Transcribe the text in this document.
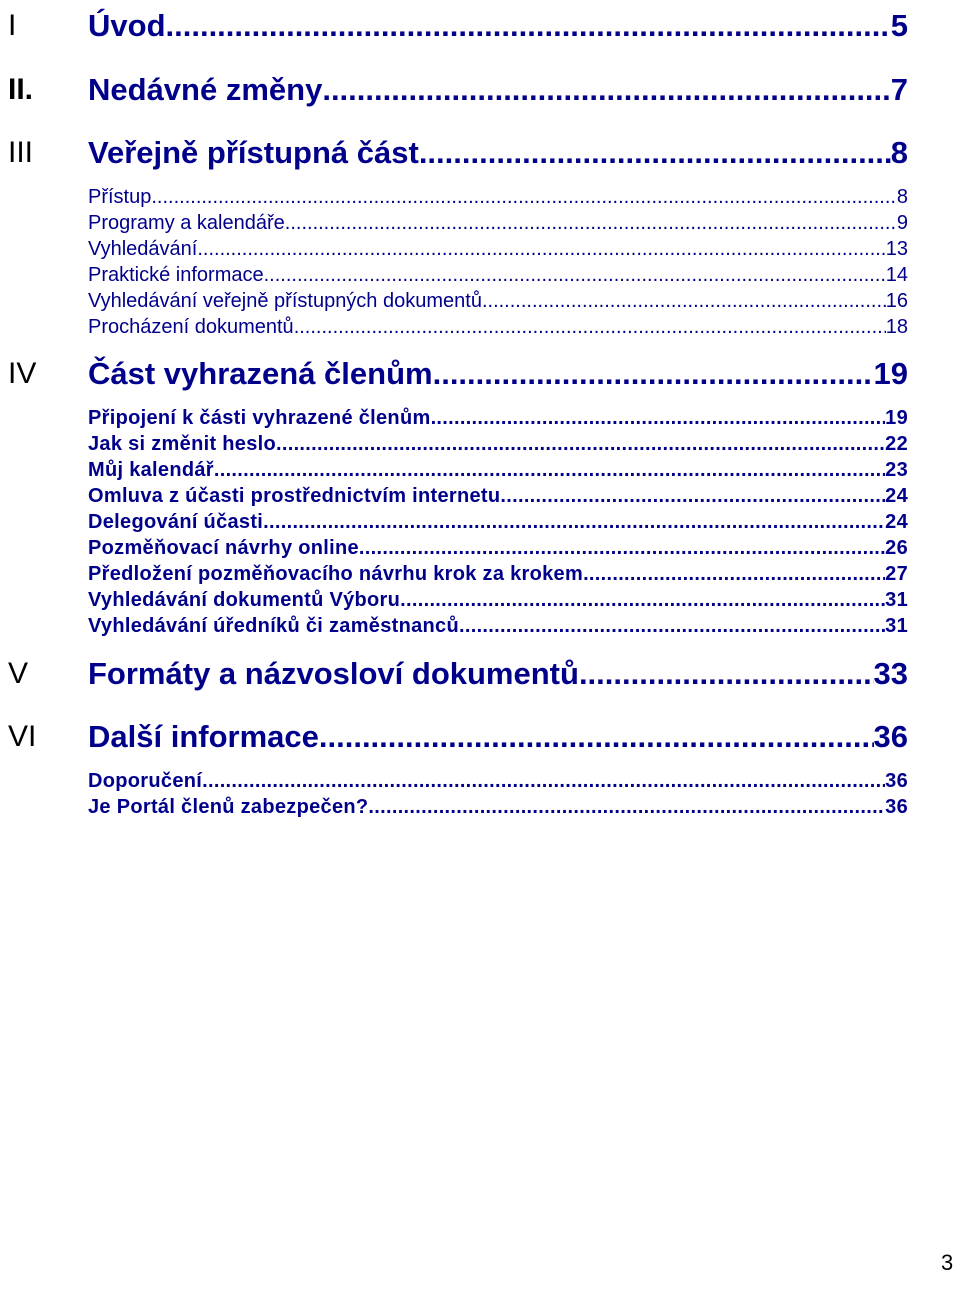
I Úvod .....	5
II. Nedávné změny .....	7
III Veřejně přístupná část .....	8
Přístup .....	8
Programy a kalendáře .....	9
Vyhledávání .....	13
Praktické informace .....	14
Vyhledávání veřejně přístupných dokumentů .....	16
Procházení dokumentů .....	18
IV Část vyhrazená členům .....	19
Připojení k části vyhrazené členům .....	19
Jak si změnit heslo .....	22
Můj kalendář .....	23
Omluva z účasti prostřednictvím internetu .....	24
Delegování účasti .....	24
Pozměňovací návrhy online .....	26
Předložení pozměňovacího návrhu krok za krokem .....	27
Vyhledávání dokumentů Výboru .....	31
Vyhledávání úředníků či zaměstnanců .....	31
V Formáty a názvosloví dokumentů .....	33
VI Další informace .....	36
Doporučení .....	36
Je Portál členů zabezpečen? .....	36
3
